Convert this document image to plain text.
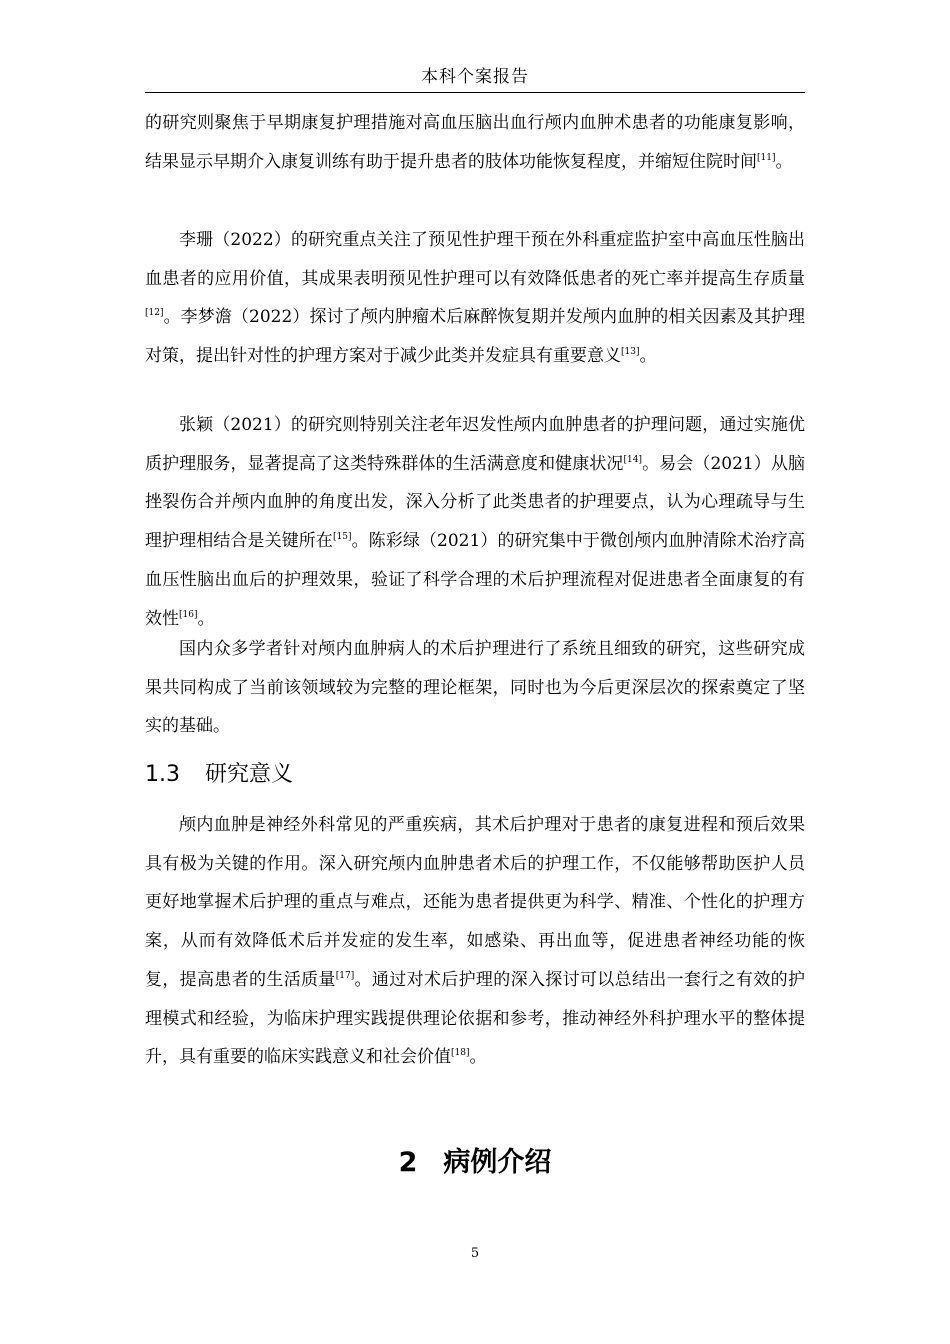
本科个案报告
的研究则聚焦于早期康复护理措施对高血压脑出血行颅内血肿术患者的功能康复影响，结果显示早期介入康复训练有助于提升患者的肢体功能恢复程度，并缩短住院时间[11]。
李珊（2022）的研究重点关注了预见性护理干预在外科重症监护室中高血压性脑出血患者的应用价值，其成果表明预见性护理可以有效降低患者的死亡率并提高生存质量[12]。李梦澹（2022）探讨了颅内肿瘤术后麻醉恢复期并发颅内血肿的相关因素及其护理对策，提出针对性的护理方案对于减少此类并发症具有重要意义[13]。
张颖（2021）的研究则特别关注老年迟发性颅内血肿患者的护理问题，通过实施优质护理服务，显著提高了这类特殊群体的生活满意度和健康状况[14]。易会（2021）从脑挫裂伤合并颅内血肿的角度出发，深入分析了此类患者的护理要点，认为心理疏导与生理护理相结合是关键所在[15]。陈彩绿（2021）的研究集中于微创颅内血肿清除术治疗高血压性脑出血后的护理效果，验证了科学合理的术后护理流程对促进患者全面康复的有效性[16]。
国内众多学者针对颅内血肿病人的术后护理进行了系统且细致的研究，这些研究成果共同构成了当前该领域较为完整的理论框架，同时也为今后更深层次的探索奠定了坚实的基础。
1.3 研究意义
颅内血肿是神经外科常见的严重疾病，其术后护理对于患者的康复进程和预后效果具有极为关键的作用。深入研究颅内血肿患者术后的护理工作，不仅能够帮助医护人员更好地掌握术后护理的重点与难点，还能为患者提供更为科学、精准、个性化的护理方案，从而有效降低术后并发症的发生率，如感染、再出血等，促进患者神经功能的恢复，提高患者的生活质量[17]。通过对术后护理的深入探讨可以总结出一套行之有效的护理模式和经验，为临床护理实践提供理论依据和参考，推动神经外科护理水平的整体提升，具有重要的临床实践意义和社会价值[18]。
2 病例介绍
5
